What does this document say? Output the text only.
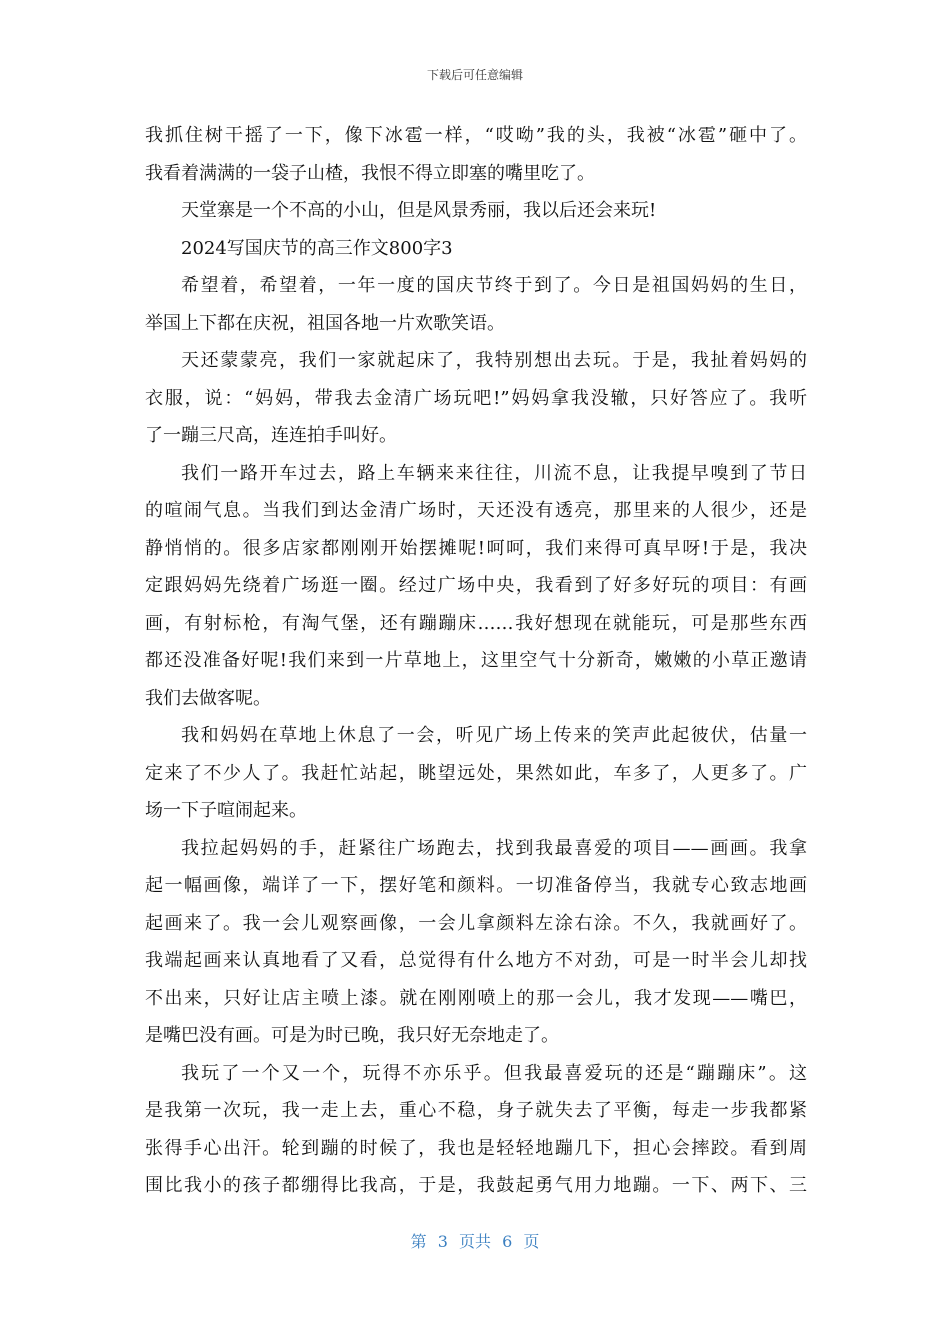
下载后可任意编辑
我抓住树干摇了一下，像下冰雹一样，“哎呦”我的头，我被“冰雹”砸中了。
我看着满满的一袋子山楂，我恨不得立即塞的嘴里吃了。
天堂寨是一个不高的小山，但是风景秀丽，我以后还会来玩!
2024写国庆节的高三作文800字3
希望着，希望着，一年一度的国庆节终于到了。今日是祖国妈妈的生日，
举国上下都在庆祝，祖国各地一片欢歌笑语。
天还蒙蒙亮，我们一家就起床了，我特别想出去玩。于是，我扯着妈妈的
衣服，说：“妈妈，带我去金清广场玩吧!”妈妈拿我没辙，只好答应了。我听
了一蹦三尺高，连连拍手叫好。
我们一路开车过去，路上车辆来来往往，川流不息，让我提早嗅到了节日
的喧闹气息。当我们到达金清广场时，天还没有透亮，那里来的人很少，还是
静悄悄的。很多店家都刚刚开始摆摊呢!呵呵，我们来得可真早呀!于是，我决
定跟妈妈先绕着广场逛一圈。经过广场中央，我看到了好多好玩的项目：有画
画，有射标枪，有淘气堡，还有蹦蹦床……我好想现在就能玩，可是那些东西
都还没准备好呢!我们来到一片草地上，这里空气十分新奇，嫩嫩的小草正邀请
我们去做客呢。
我和妈妈在草地上休息了一会，听见广场上传来的笑声此起彼伏，估量一
定来了不少人了。我赶忙站起，眺望远处，果然如此，车多了，人更多了。广
场一下子喧闹起来。
我拉起妈妈的手，赶紧往广场跑去，找到我最喜爱的项目——画画。我拿
起一幅画像，端详了一下，摆好笔和颜料。一切准备停当，我就专心致志地画
起画来了。我一会儿观察画像，一会儿拿颜料左涂右涂。不久，我就画好了。
我端起画来认真地看了又看，总觉得有什么地方不对劲，可是一时半会儿却找
不出来，只好让店主喷上漆。就在刚刚喷上的那一会儿，我才发现——嘴巴，
是嘴巴没有画。可是为时已晚，我只好无奈地走了。
我玩了一个又一个，玩得不亦乐乎。但我最喜爱玩的还是“蹦蹦床”。这
是我第一次玩，我一走上去，重心不稳，身子就失去了平衡，每走一步我都紧
张得手心出汗。轮到蹦的时候了，我也是轻轻地蹦几下，担心会摔跤。看到周
围比我小的孩子都绷得比我高，于是，我鼓起勇气用力地蹦。一下、两下、三
第 3 页共 6 页
